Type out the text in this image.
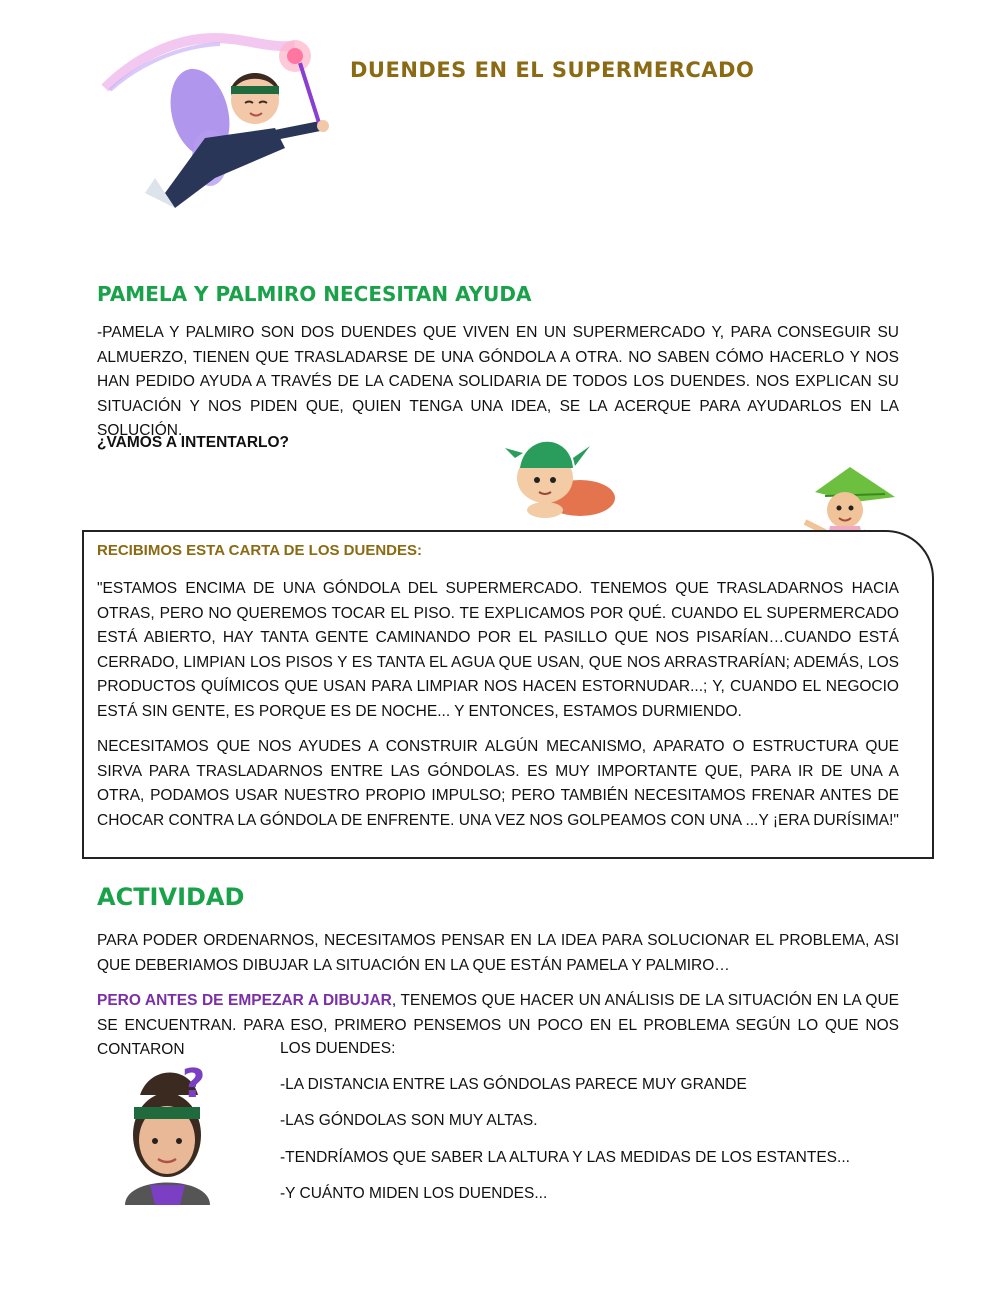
DUENDES EN EL SUPERMERCADO
PAMELA Y PALMIRO NECESITAN AYUDA
-PAMELA Y PALMIRO SON DOS DUENDES QUE VIVEN EN UN SUPERMERCADO Y, PARA CONSEGUIR SU ALMUERZO, TIENEN QUE TRASLADARSE DE UNA GÓNDOLA A OTRA. NO SABEN CÓMO HACERLO Y NOS HAN PEDIDO AYUDA A TRAVÉS DE LA CADENA SOLIDARIA DE TODOS LOS DUENDES. NOS EXPLICAN SU SITUACIÓN Y NOS PIDEN QUE, QUIEN TENGA UNA IDEA, SE LA ACERQUE PARA AYUDARLOS EN LA SOLUCIÓN.
¿VAMOS A INTENTARLO?
RECIBIMOS ESTA CARTA DE LOS DUENDES:
"ESTAMOS ENCIMA DE UNA GÓNDOLA DEL SUPERMERCADO. TENEMOS QUE TRASLADARNOS HACIA OTRAS, PERO NO QUEREMOS TOCAR EL PISO. TE EXPLICAMOS POR QUÉ. CUANDO EL SUPERMERCADO ESTÁ ABIERTO, HAY TANTA GENTE CAMINANDO POR EL PASILLO QUE NOS PISARÍAN…CUANDO ESTÁ CERRADO, LIMPIAN LOS PISOS Y ES TANTA EL AGUA QUE USAN, QUE NOS ARRASTRARÍAN; ADEMÁS, LOS PRODUCTOS QUÍMICOS QUE USAN PARA LIMPIAR NOS HACEN ESTORNUDAR...; Y, CUANDO EL NEGOCIO ESTÁ SIN GENTE, ES PORQUE ES DE NOCHE... Y ENTONCES, ESTAMOS DURMIENDO.
NECESITAMOS QUE NOS AYUDES A CONSTRUIR ALGÚN MECANISMO, APARATO O ESTRUCTURA QUE SIRVA PARA TRASLADARNOS ENTRE LAS GÓNDOLAS. ES MUY IMPORTANTE QUE, PARA IR DE UNA A OTRA, PODAMOS USAR NUESTRO PROPIO IMPULSO; PERO TAMBIÉN NECESITAMOS FRENAR ANTES DE CHOCAR CONTRA LA GÓNDOLA DE ENFRENTE. UNA VEZ NOS GOLPEAMOS CON UNA ...Y ¡ERA DURÍSIMA!"
ACTIVIDAD
PARA PODER ORDENARNOS, NECESITAMOS PENSAR EN LA IDEA PARA SOLUCIONAR EL PROBLEMA, ASI QUE DEBERIAMOS DIBUJAR LA SITUACIÓN EN LA QUE ESTÁN PAMELA Y PALMIRO…
PERO ANTES DE EMPEZAR A DIBUJAR, TENEMOS QUE HACER UN ANÁLISIS DE LA SITUACIÓN EN LA QUE SE ENCUENTRAN. PARA ESO, PRIMERO PENSEMOS UN POCO EN EL PROBLEMA SEGÚN LO QUE NOS CONTARON	LOS DUENDES:
?	-LA DISTANCIA ENTRE LAS GÓNDOLAS PARECE MUY GRANDE
-LAS GÓNDOLAS SON MUY ALTAS.
-TENDRÍAMOS QUE SABER LA ALTURA Y LAS MEDIDAS DE LOS ESTANTES...
-Y CUÁNTO MIDEN LOS DUENDES...
